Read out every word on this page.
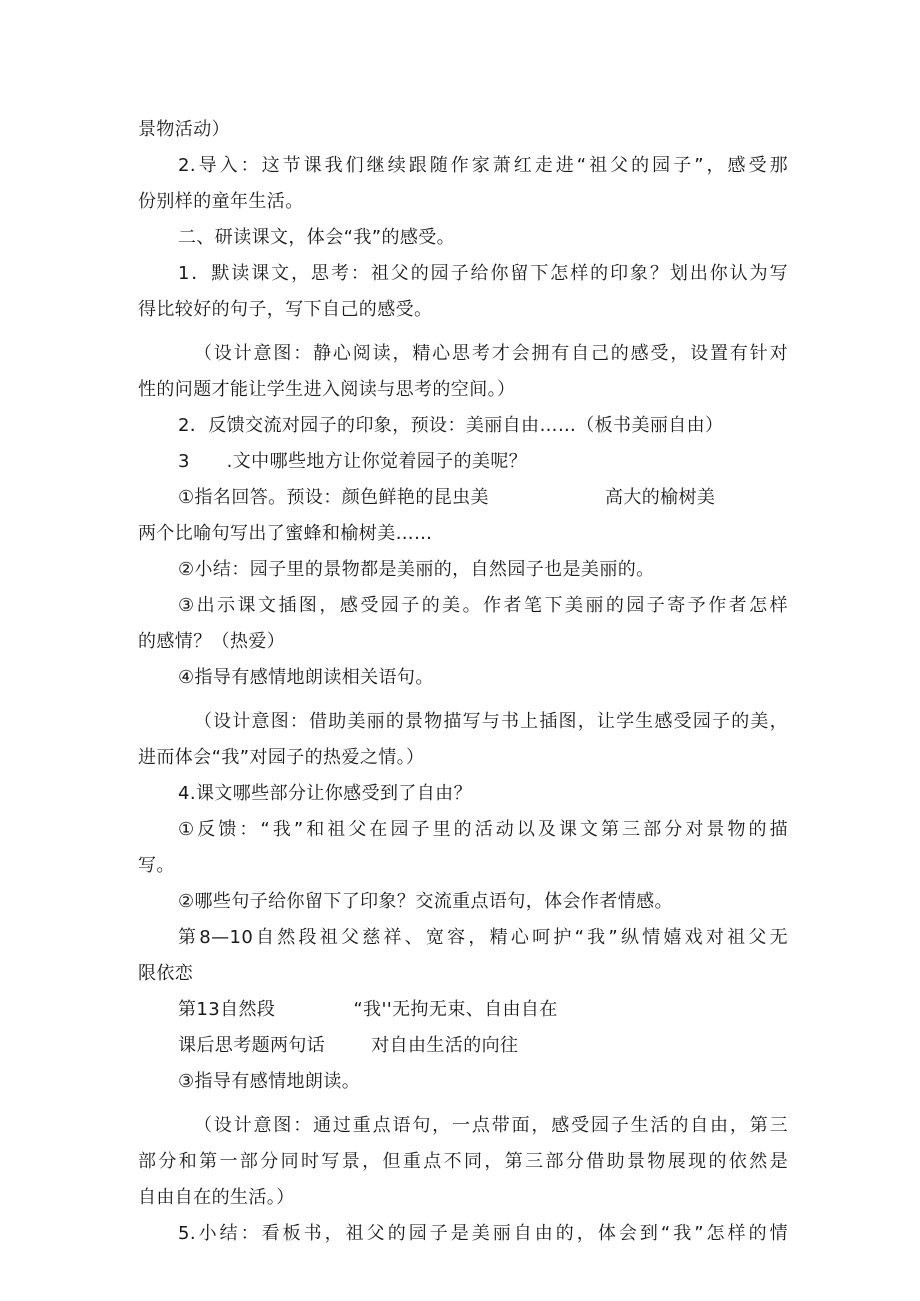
景物活动）
2.导入：这节课我们继续跟随作家萧红走进“祖父的园子”，感受那
份别样的童年生活。
二、研读课文，体会“我”的感受。
1．默读课文，思考：祖父的园子给你留下怎样的印象？划出你认为写
得比较好的句子，写下自己的感受。
（设计意图：静心阅读，精心思考才会拥有自己的感受，设置有针对
性的问题才能让学生进入阅读与思考的空间。）
2．反馈交流对园子的印象，预设：美丽自由……（板书美丽自由）
3　　.文中哪些地方让你觉着园子的美呢？
①指名回答。预设：颜色鲜艳的昆虫美	高大的榆树美
两个比喻句写出了蜜蜂和榆树美……
②小结：园子里的景物都是美丽的，自然园子也是美丽的。
③出示课文插图，感受园子的美。作者笔下美丽的园子寄予作者怎样
的感情？（热爱）
④指导有感情地朗读相关语句。
（设计意图：借助美丽的景物描写与书上插图，让学生感受园子的美，
进而体会“我”对园子的热爱之情。）
4.课文哪些部分让你感受到了自由？
①反馈：“我”和祖父在园子里的活动以及课文第三部分对景物的描
写。
②哪些句子给你留下了印象？交流重点语句，体会作者情感。
第8—10自然段祖父慈祥、宽容，精心呵护“我”纵情嬉戏对祖父无
限依恋
第13自然段	“我''无拘无束、自由自在
课后思考题两句话	对自由生活的向往
③指导有感情地朗读。
（设计意图：通过重点语句，一点带面，感受园子生活的自由，第三
部分和第一部分同时写景，但重点不同，第三部分借助景物展现的依然是
自由自在的生活。）
5.小结：看板书，祖父的园子是美丽自由的，体会到“我”怎样的情
